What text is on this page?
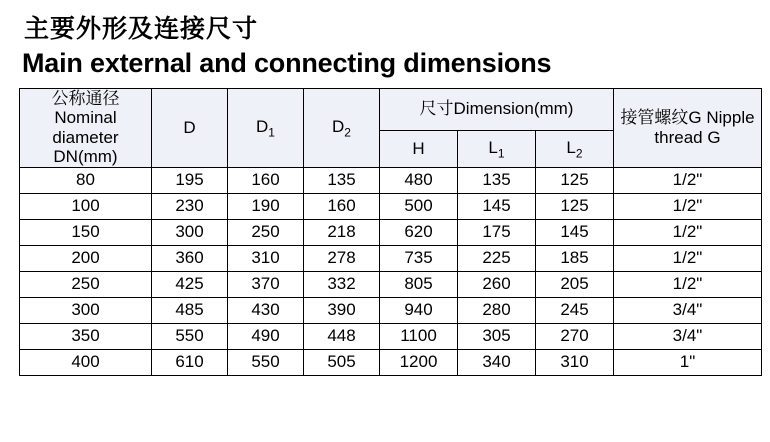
主要外形及连接尺寸
Main external and connecting dimensions
公称通径
Nominal
diameter
DN(mm)	D	$D_1$	$D_2$	尺寸Dimension(mm)			接管螺纹G Nipple thread G
				H	$L_1$	$L_2$
80	195	160	135	480	135	125	1/2"
100	230	190	160	500	145	125	1/2"
150	300	250	218	620	175	145	1/2"
200	360	310	278	735	225	185	1/2"
250	425	370	332	805	260	205	1/2"
300	485	430	390	940	280	245	3/4"
350	550	490	448	1100	305	270	3/4"
400	610	550	505	1200	340	310	1"
